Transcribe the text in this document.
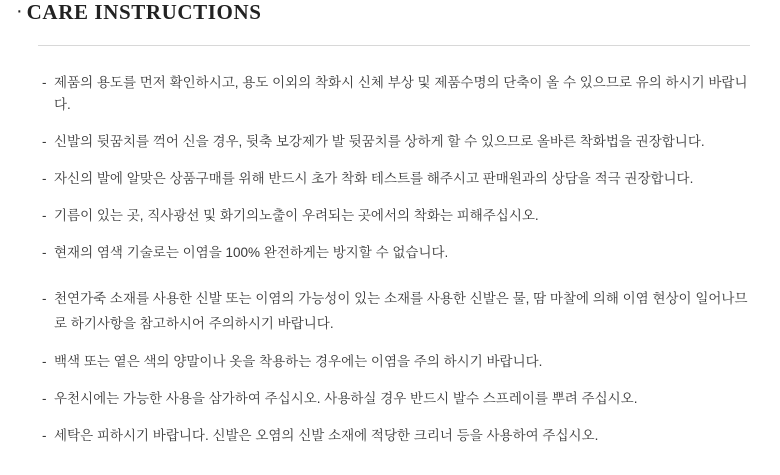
· CARE INSTRUCTIONS
- 제품의 용도를 먼저 확인하시고, 용도 이외의 착화시 신체 부상 및 제품수명의 단축이 올 수 있으므로 유의 하시기 바랍니다.
- 신발의 뒷꿈치를 꺽어 신을 경우, 뒷축 보강제가 발 뒷꿈치를 상하게 할 수 있으므로 올바른 착화법을 권장합니다.
- 자신의 발에 알맞은 상품구매를 위해 반드시 초가 착화 테스트를 해주시고 판매원과의 상담을 적극 권장합니다.
- 기름이 있는 곳, 직사광선 및 화기의노출이 우려되는 곳에서의 착화는 피해주십시오.
- 현재의 염색 기술로는 이염을 100% 완전하게는 방지할 수 없습니다.
- 천연가죽 소재를 사용한 신발 또는 이염의 가능성이 있는 소재를 사용한 신발은 물, 땀 마찰에 의해 이염 현상이 일어나므로 하기사항을 참고하시어 주의하시기 바랍니다.
- 백색 또는 옅은 색의 양말이나 옷을 착용하는 경우에는 이염을 주의 하시기 바랍니다.
- 우천시에는 가능한 사용을 삼가하여 주십시오. 사용하실 경우 반드시 발수 스프레이를 뿌려 주십시오.
- 세탁은 피하시기 바랍니다. 신발은 오염의 신발 소재에 적당한 크리너 등을 사용하여 주십시오.
